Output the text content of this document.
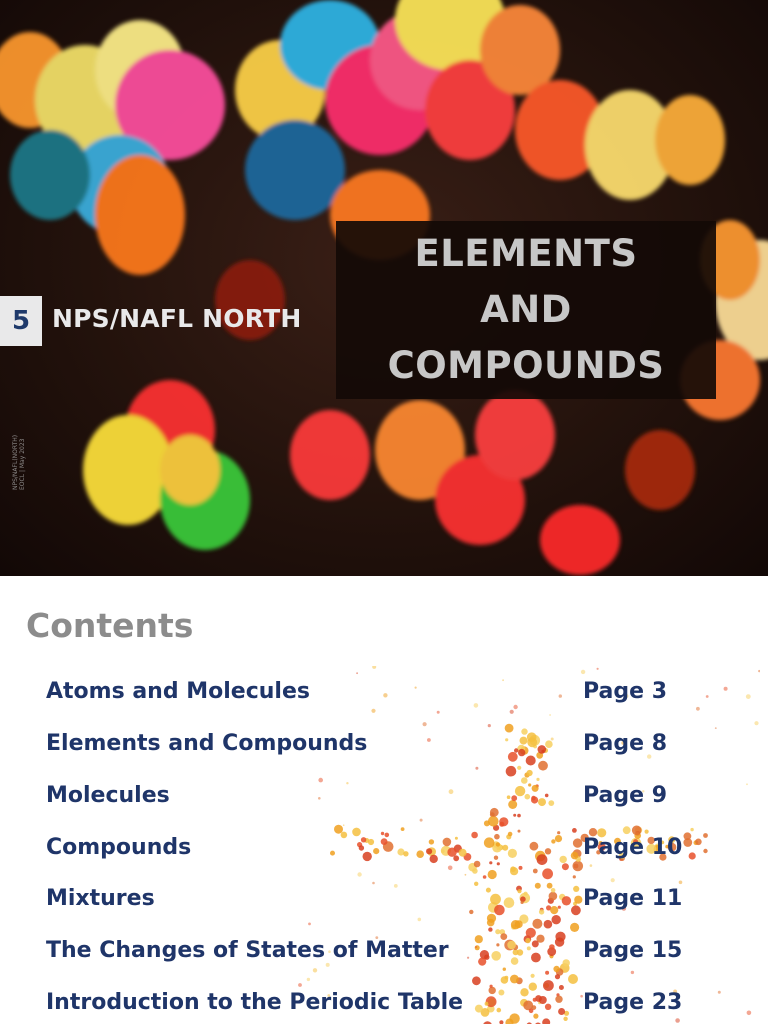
5 NPS/NAFL NORTH
ELEMENTS
AND
COMPOUNDS
NPS/NAFL(NORTH) EOCL | May 2023
Contents
Atoms and Molecules	Page 3
Elements and Compounds	Page 8
Molecules	Page 9
Compounds	Page 10
Mixtures	Page 11
The Changes of States of Matter	Page 15
Introduction to the Periodic Table	Page 23
